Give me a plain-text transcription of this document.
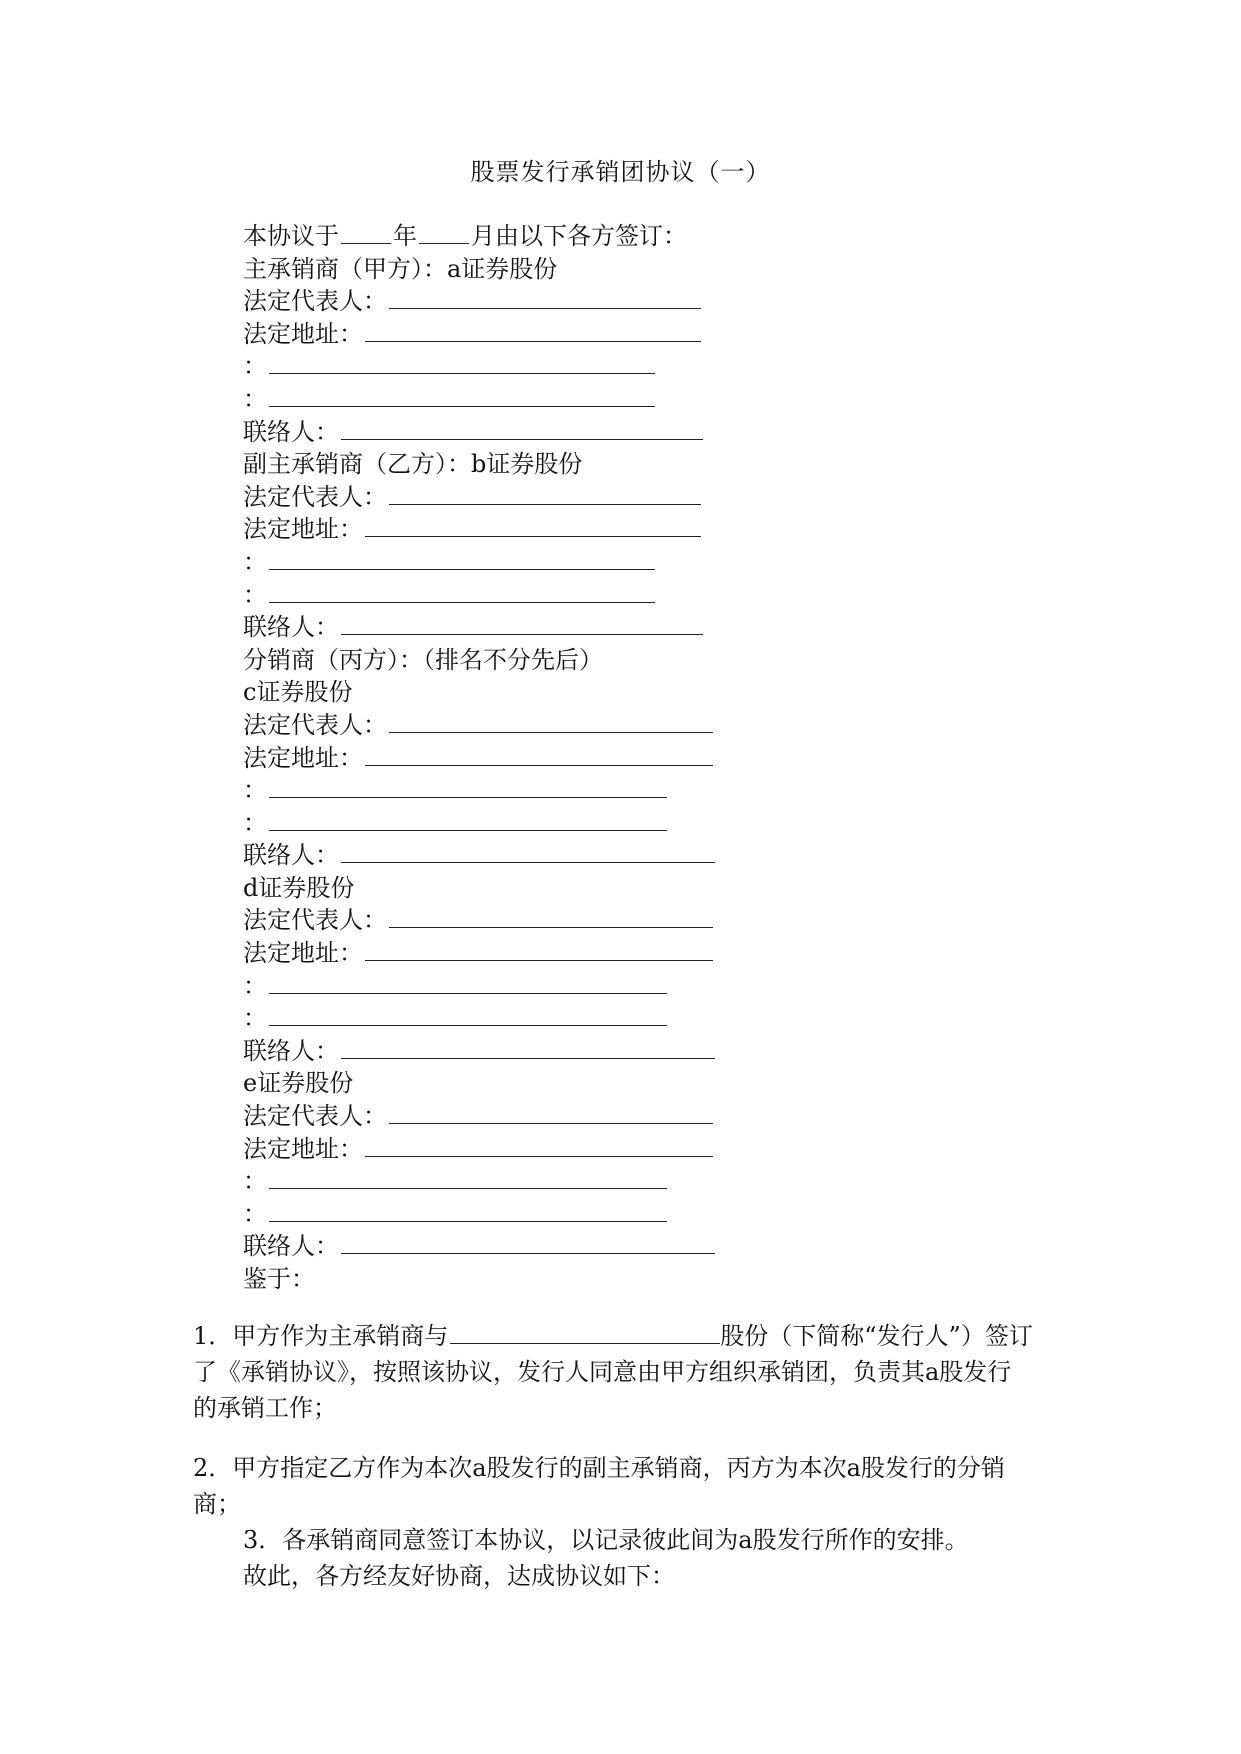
股票发行承销团协议（一）
本协议于 年 月由以下各方签订：
主承销商（甲方）：a证券股份
法定代表人：
法定地址：
：
：
联络人：
副主承销商（乙方）：b证券股份
法定代表人：
法定地址：
：
：
联络人：
分销商（丙方）：（排名不分先后）
c证券股份
法定代表人：
法定地址：
：
：
联络人：
d证券股份
法定代表人：
法定地址：
：
：
联络人：
e证券股份
法定代表人：
法定地址：
：
：
联络人：
鉴于：

1．甲方作为主承销商与	股份（下简称“发行人”）签订了《承销协议》，按照该协议，发行人同意由甲方组织承销团，负责其a股发行的承销工作；

2．甲方指定乙方作为本次a股发行的副主承销商，丙方为本次a股发行的分销商；

3．各承销商同意签订本协议，以记录彼此间为a股发行所作的安排。
故此，各方经友好协商，达成协议如下：
